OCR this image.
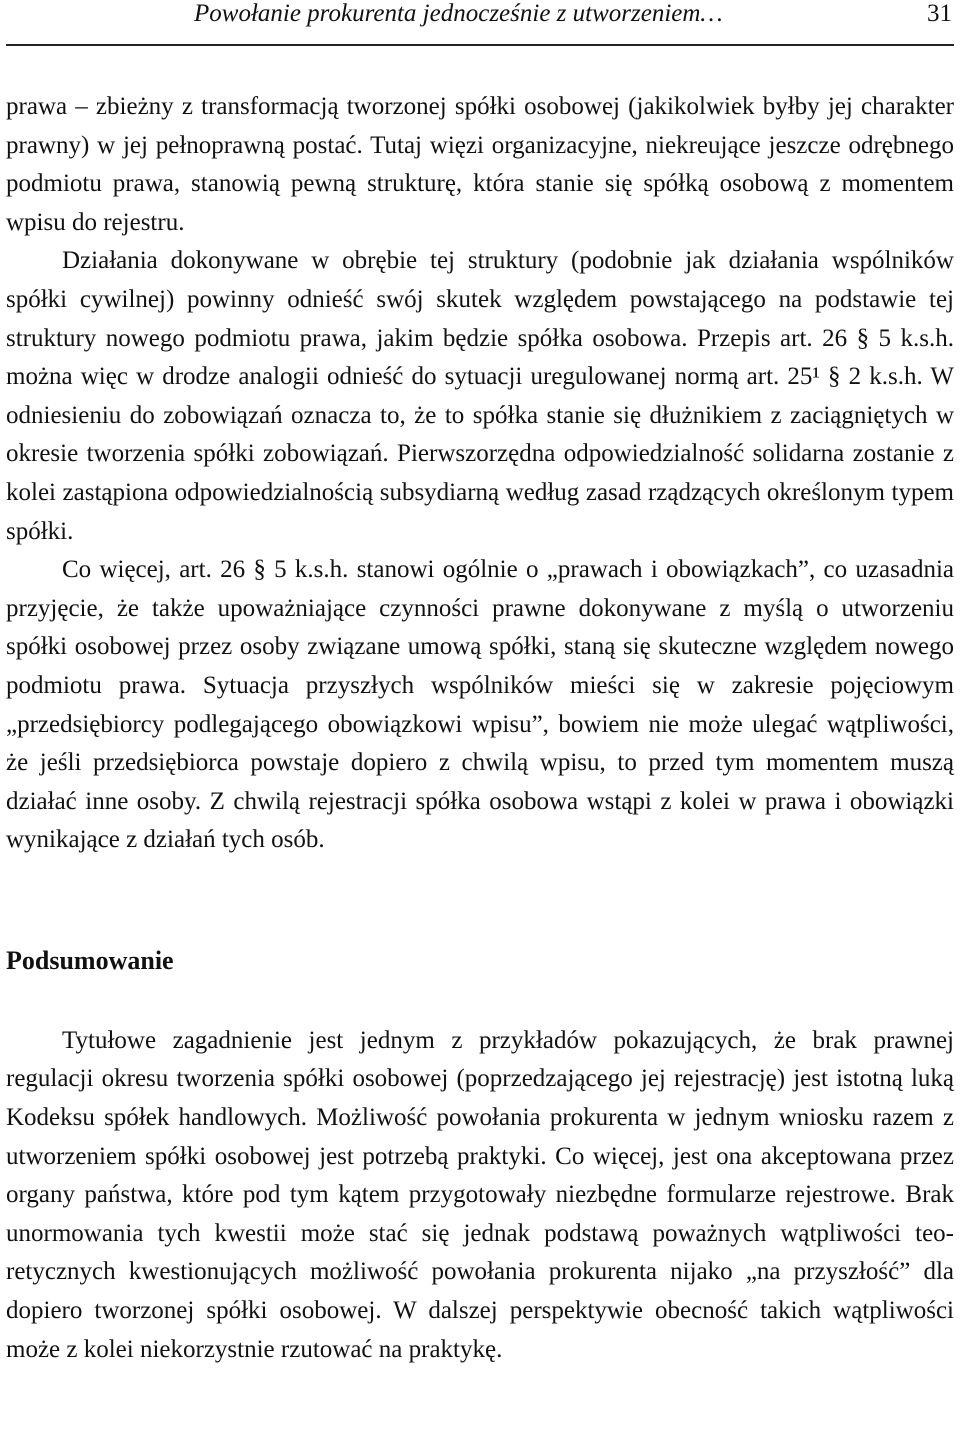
Powołanie prokurenta jednocześnie z utworzeniem…	31

prawa – zbieżny z transformacją tworzonej spółki osobowej (jakikolwiek byłby jej charakter prawny) w jej pełnoprawną postać. Tutaj więzi organizacyjne, niekreujące jeszcze odrębnego podmiotu prawa, stanowią pewną strukturę, która stanie się spółką osobową z momentem wpisu do rejestru.

Działania dokonywane w obrębie tej struktury (podobnie jak działania wspólników spółki cywilnej) powinny odnieść swój skutek względem powstającego na podstawie tej struktury nowego podmiotu prawa, jakim będzie spółka osobowa. Przepis art. 26 § 5 k.s.h. można więc w drodze analogii odnieść do sytuacji uregulowanej normą art. 25¹ § 2 k.s.h. W odniesieniu do zobowiązań oznacza to, że to spółka stanie się dłużnikiem z zaciągniętych w okresie tworzenia spółki zobowiązań. Pierwszorzędna odpowiedzialność solidarna zostanie z kolei zastąpiona odpowiedzialnością subsydiarną według zasad rządzących określonym typem spółki.

Co więcej, art. 26 § 5 k.s.h. stanowi ogólnie o „prawach i obowiązkach”, co uzasadnia przyjęcie, że także upoważniające czynności prawne dokonywane z myślą o utworzeniu spółki osobowej przez osoby związane umową spółki, staną się skuteczne względem nowego podmiotu prawa. Sytuacja przyszłych wspólników mieści się w zakresie pojęciowym „przedsiębiorcy podlegającego obowiązkowi wpisu”, bowiem nie może ulegać wątpliwości, że jeśli przedsiębiorca powstaje dopiero z chwilą wpisu, to przed tym momentem muszą działać inne osoby. Z chwilą rejestracji spółka osobowa wstąpi z kolei w prawa i obowiązki wynikające z działań tych osób.

Podsumowanie

Tytułowe zagadnienie jest jednym z przykładów pokazujących, że brak prawnej regulacji okresu tworzenia spółki osobowej (poprzedzającego jej rejestrację) jest istotną luką Kodeksu spółek handlowych. Możliwość powołania prokurenta w jednym wniosku razem z utworzeniem spółki osobowej jest potrzebą praktyki. Co więcej, jest ona akceptowana przez organy państwa, które pod tym kątem przygotowały niezbędne formularze rejestrowe. Brak unormowania tych kwestii może stać się jednak podstawą poważnych wątpliwości teoretycznych kwestionujących możliwość powołania prokurenta nijako „na przyszłość” dla dopiero tworzonej spółki osobowej. W dalszej perspektywie obecność takich wątpliwości może z kolei niekorzystnie rzutować na praktykę.
